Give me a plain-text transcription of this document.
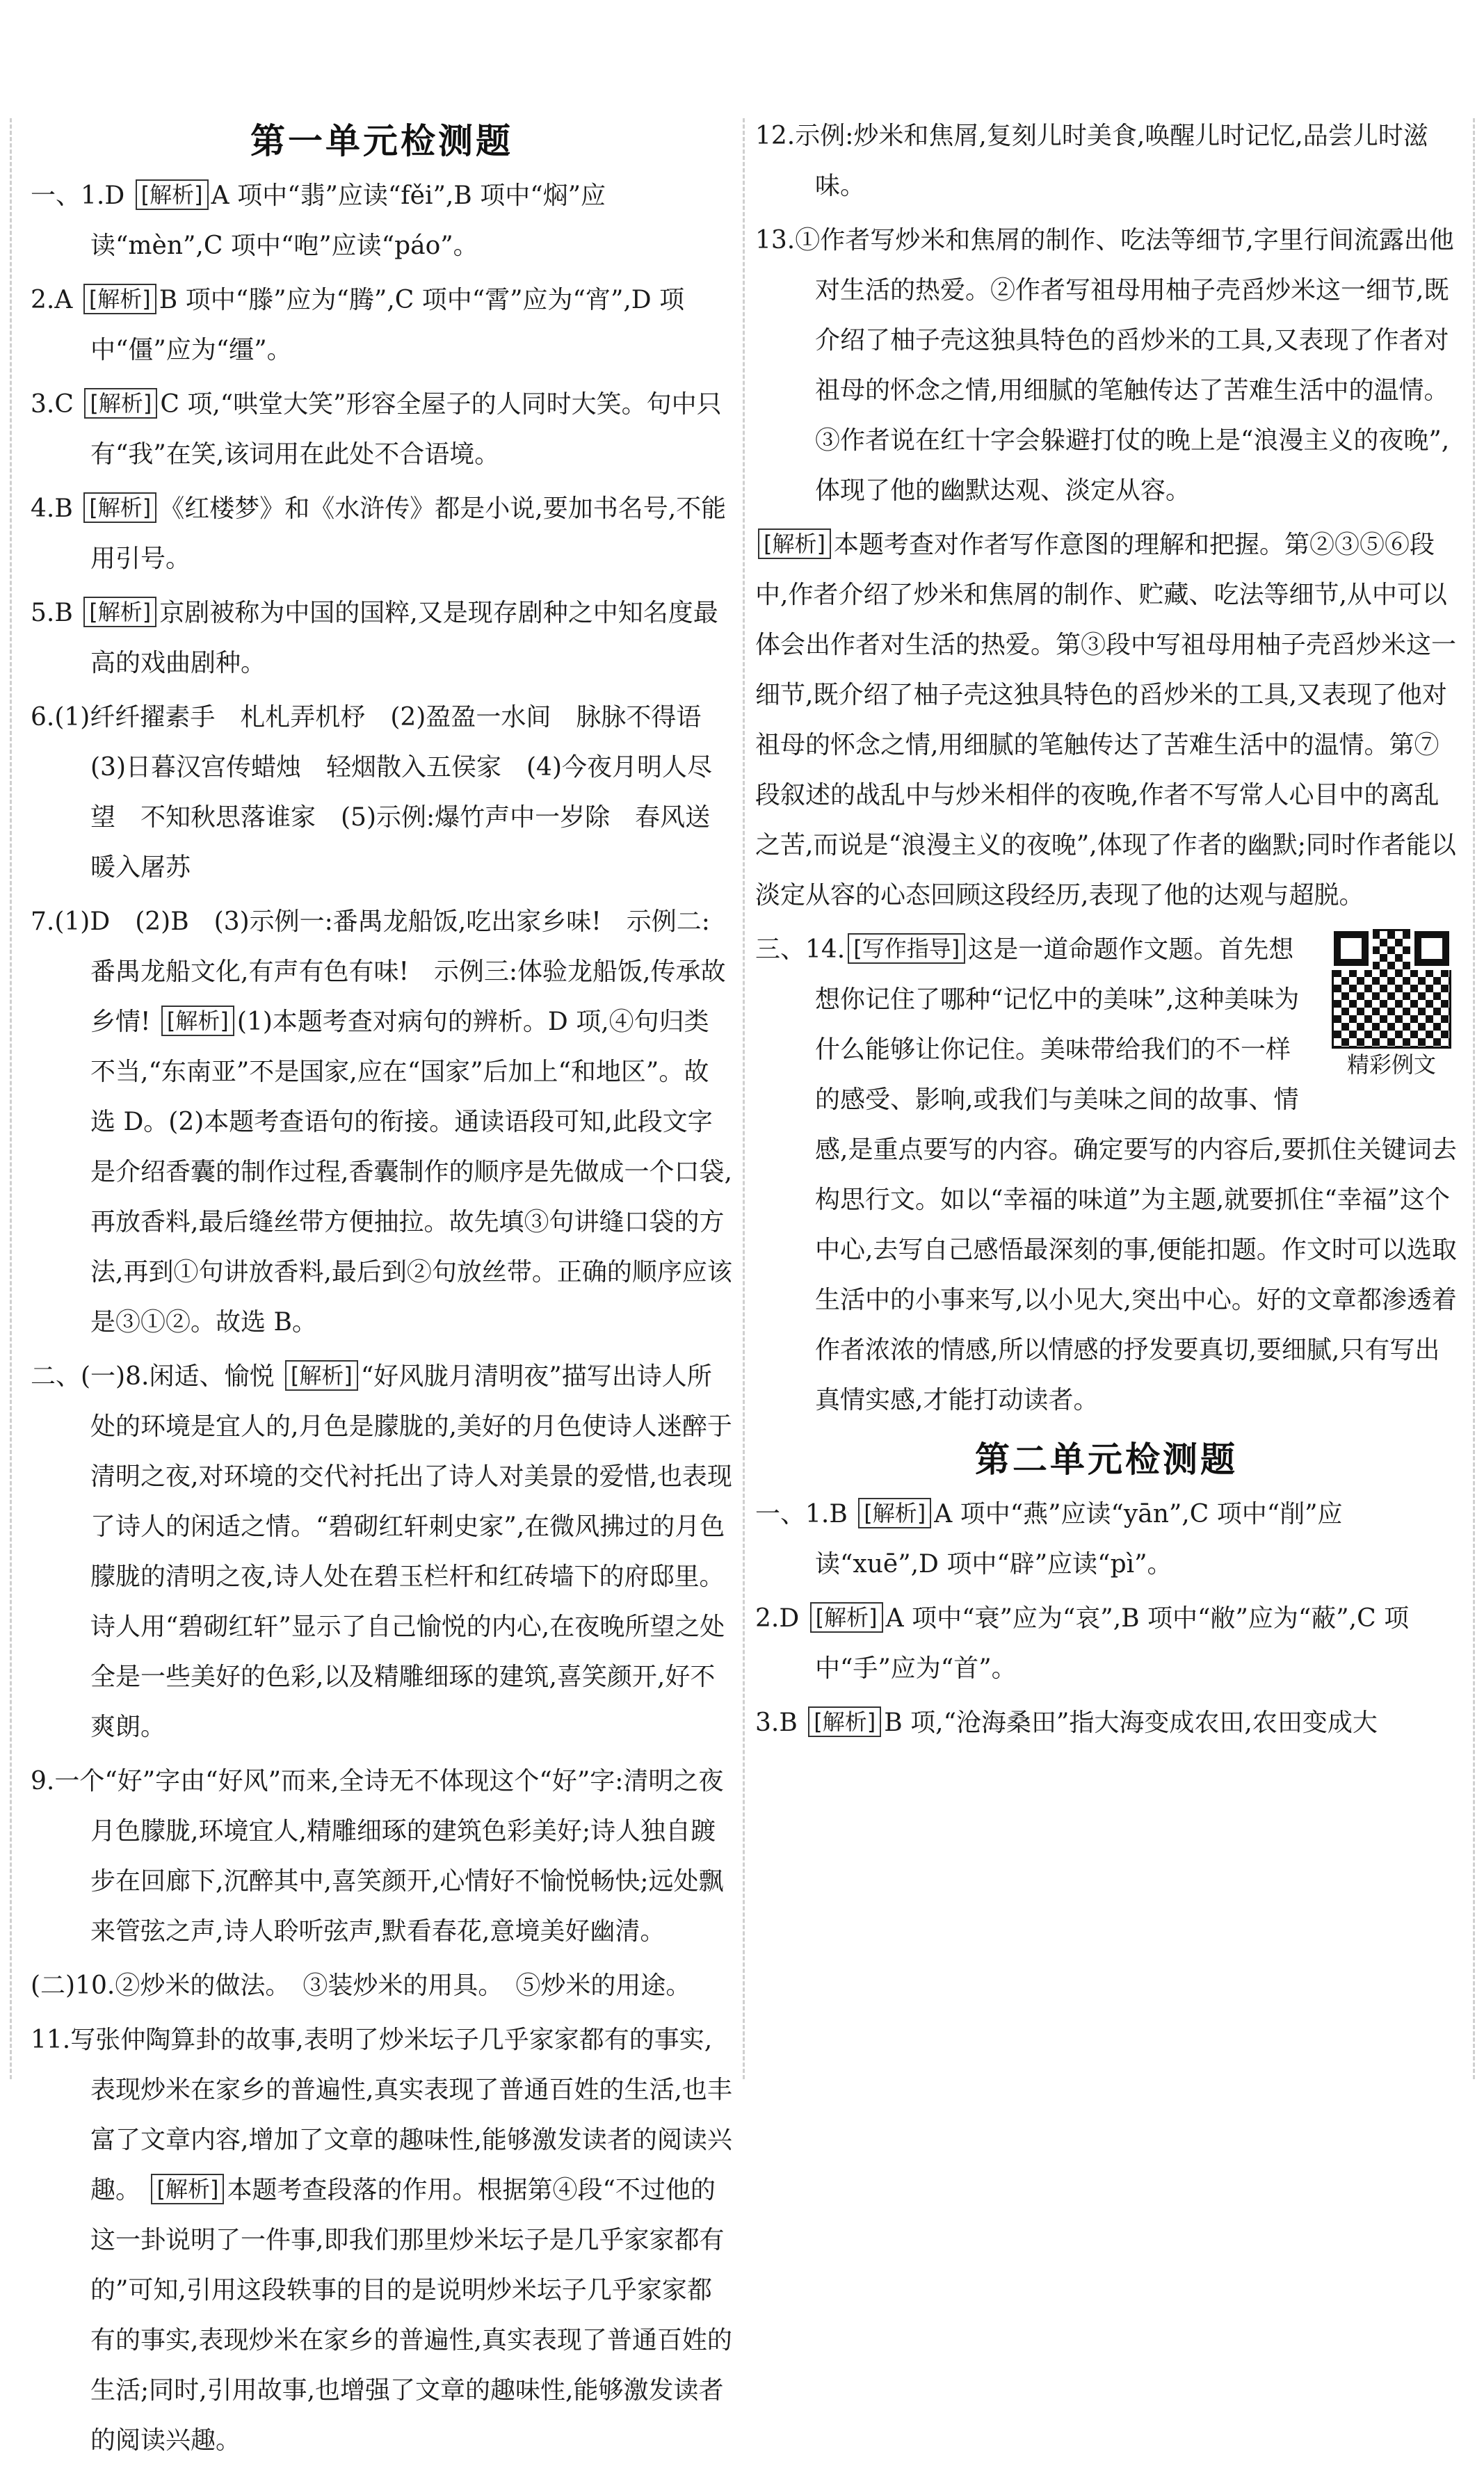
第一单元检测题

一、1.D [解析] A 项中“翡”应读“fěi”,B 项中“焖”应读“mèn”,C 项中“咆”应读“páo”。

2.A [解析] B 项中“滕”应为“腾”,C 项中“霄”应为“宵”,D 项中“僵”应为“缰”。

3.C [解析] C 项,“哄堂大笑”形容全屋子的人同时大笑。句中只有“我”在笑,该词用在此处不合语境。

4.B [解析] 《红楼梦》和《水浒传》都是小说,要加书名号,不能用引号。

5.B [解析] 京剧被称为中国的国粹,又是现存剧种之中知名度最高的戏曲剧种。

6.(1)纤纤擢素手　札札弄机杼　(2)盈盈一水间　脉脉不得语　(3)日暮汉宫传蜡烛　轻烟散入五侯家　(4)今夜月明人尽望　不知秋思落谁家　(5)示例:爆竹声中一岁除　春风送暖入屠苏

7.(1)D　(2)B　(3)示例一:番禺龙船饭,吃出家乡味!　示例二:番禺龙船文化,有声有色有味!　示例三:体验龙船饭,传承故乡情! [解析] (1)本题考查对病句的辨析。D 项,④句归类不当,“东南亚”不是国家,应在“国家”后加上“和地区”。故选 D。(2)本题考查语句的衔接。通读语段可知,此段文字是介绍香囊的制作过程,香囊制作的顺序是先做成一个口袋,再放香料,最后缝丝带方便抽拉。故先填③句讲缝口袋的方法,再到①句讲放香料,最后到②句放丝带。正确的顺序应该是③①②。故选 B。

二、(一)8.闲适、愉悦 [解析] “好风胧月清明夜”描写出诗人所处的环境是宜人的,月色是朦胧的,美好的月色使诗人迷醉于清明之夜,对环境的交代衬托出了诗人对美景的爱惜,也表现了诗人的闲适之情。“碧砌红轩刺史家”,在微风拂过的月色朦胧的清明之夜,诗人处在碧玉栏杆和红砖墙下的府邸里。诗人用“碧砌红轩”显示了自己愉悦的内心,在夜晚所望之处全是一些美好的色彩,以及精雕细琢的建筑,喜笑颜开,好不爽朗。

9.一个“好”字由“好风”而来,全诗无不体现这个“好”字:清明之夜月色朦胧,环境宜人,精雕细琢的建筑色彩美好;诗人独自踱步在回廊下,沉醉其中,喜笑颜开,心情好不愉悦畅快;远处飘来管弦之声,诗人聆听弦声,默看春花,意境美好幽清。

(二)10.②炒米的做法。　③装炒米的用具。　⑤炒米的用途。

11.写张仲陶算卦的故事,表明了炒米坛子几乎家家都有的事实,表现炒米在家乡的普遍性,真实表现了普通百姓的生活,也丰富了文章内容,增加了文章的趣味性,能够激发读者的阅读兴趣。 [解析] 本题考查段落的作用。根据第④段“不过他的这一卦说明了一件事,即我们那里炒米坛子是几乎家家都有的”可知,引用这段轶事的目的是说明炒米坛子几乎家家都有的事实,表现炒米在家乡的普遍性,真实表现了普通百姓的生活;同时,引用故事,也增强了文章的趣味性,能够激发读者的阅读兴趣。

12.示例:炒米和焦屑,复刻儿时美食,唤醒儿时记忆,品尝儿时滋味。

13.①作者写炒米和焦屑的制作、吃法等细节,字里行间流露出他对生活的热爱。②作者写祖母用柚子壳舀炒米这一细节,既介绍了柚子壳这独具特色的舀炒米的工具,又表现了作者对祖母的怀念之情,用细腻的笔触传达了苦难生活中的温情。③作者说在红十字会躲避打仗的晚上是“浪漫主义的夜晚”,体现了他的幽默达观、淡定从容。

[解析] 本题考查对作者写作意图的理解和把握。第②③⑤⑥段中,作者介绍了炒米和焦屑的制作、贮藏、吃法等细节,从中可以体会出作者对生活的热爱。第③段中写祖母用柚子壳舀炒米这一细节,既介绍了柚子壳这独具特色的舀炒米的工具,又表现了他对祖母的怀念之情,用细腻的笔触传达了苦难生活中的温情。第⑦段叙述的战乱中与炒米相伴的夜晚,作者不写常人心目中的离乱之苦,而说是“浪漫主义的夜晚”,体现了作者的幽默;同时作者能以淡定从容的心态回顾这段经历,表现了他的达观与超脱。

精彩例文
三、14. [写作指导] 这是一道命题作文题。首先想想你记住了哪种“记忆中的美味”,这种美味为什么能够让你记住。美味带给我们的不一样的感受、影响,或我们与美味之间的故事、情感,是重点要写的内容。确定要写的内容后,要抓住关键词去构思行文。如以“幸福的味道”为主题,就要抓住“幸福”这个中心,去写自己感悟最深刻的事,便能扣题。作文时可以选取生活中的小事来写,以小见大,突出中心。好的文章都渗透着作者浓浓的情感,所以情感的抒发要真切,要细腻,只有写出真情实感,才能打动读者。
第二单元检测题

一、1.B [解析] A 项中“燕”应读“yān”,C 项中“削”应读“xuē”,D 项中“辟”应读“pì”。

2.D [解析] A 项中“衰”应为“哀”,B 项中“敝”应为“蔽”,C 项中“手”应为“首”。

3.B [解析] B 项,“沧海桑田”指大海变成农田,农田变成大
